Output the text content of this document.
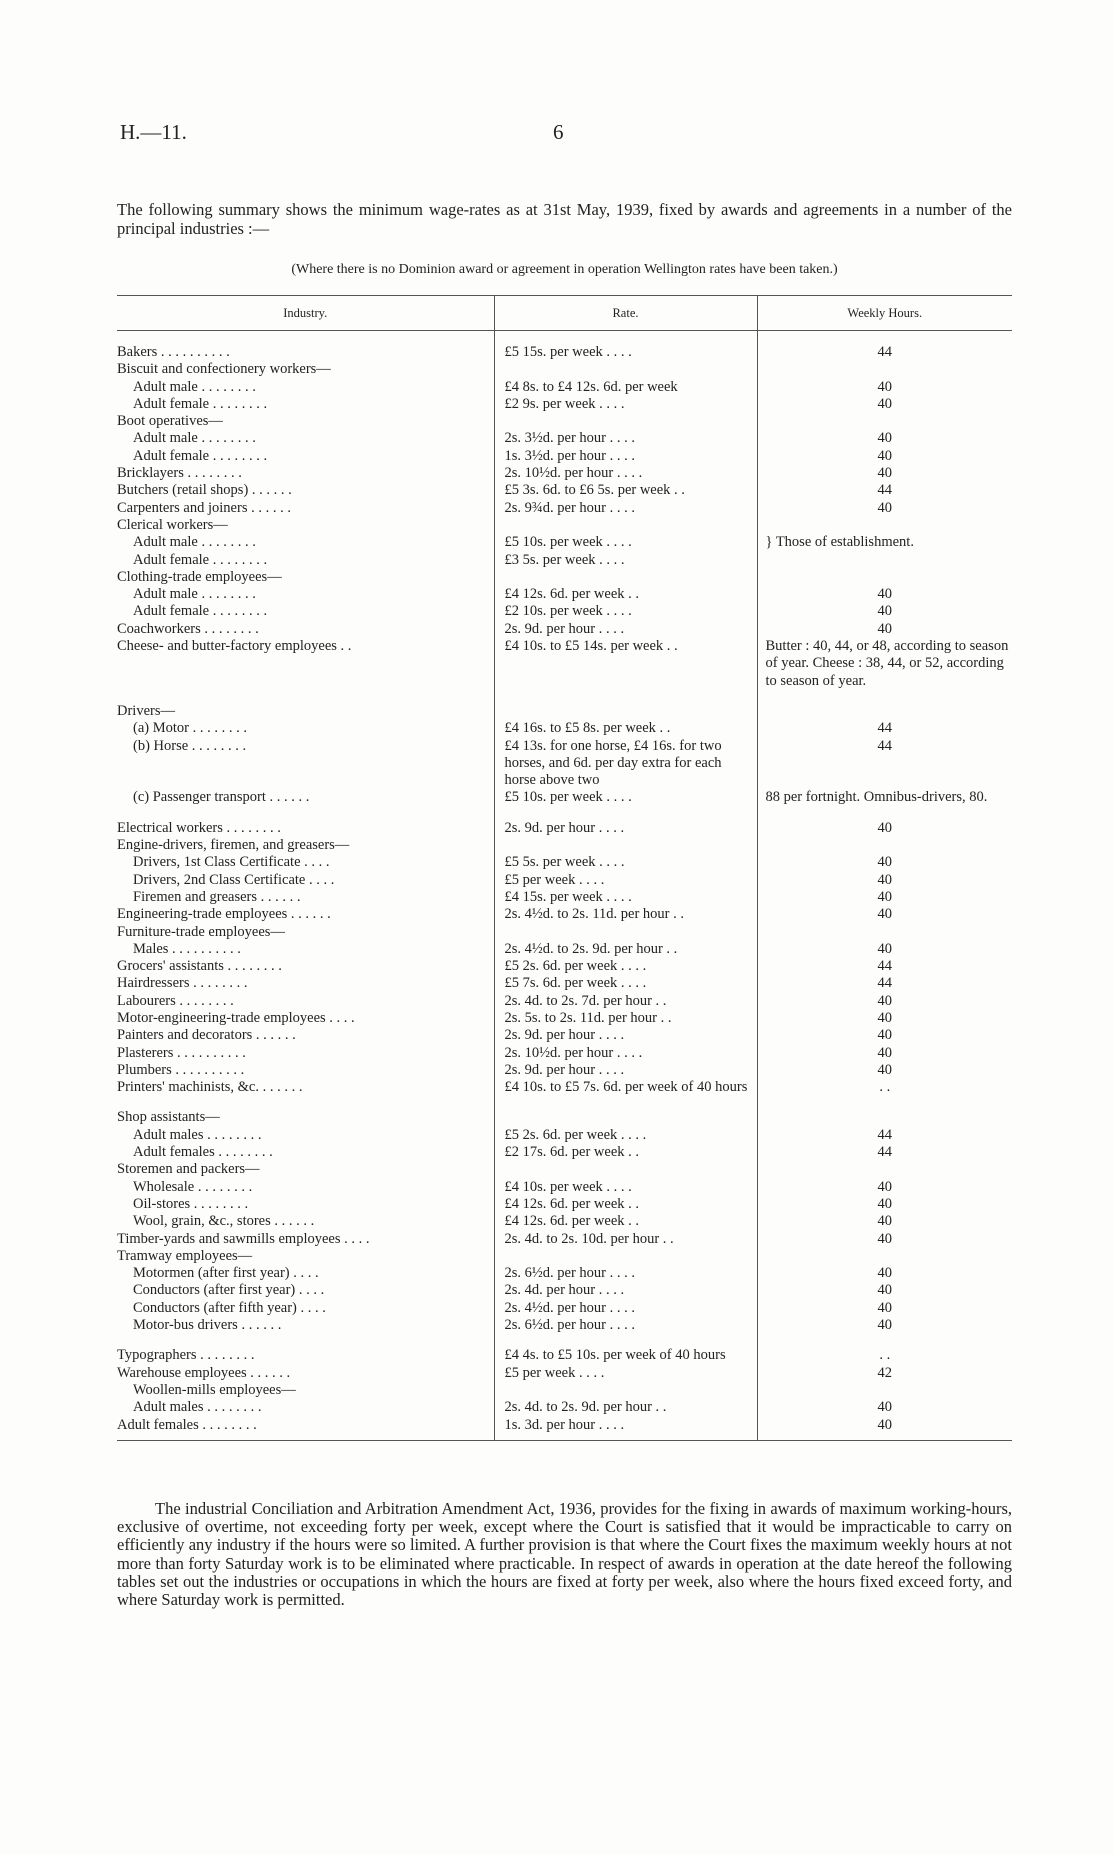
H.—11.	6

The following summary shows the minimum wage-rates as at 31st May, 1939, fixed by awards and agreements in a number of the principal industries :—

(Where there is no Dominion award or agreement in operation Wellington rates have been taken.)
Industry.	Rate.	Weekly Hours.

Bakers . . . . . . . . . .	£5 15s. per week . . . .	44
Biscuit and confectionery workers—		
Adult male . . . . . . . .	£4 8s. to £4 12s. 6d. per week	40
Adult female . . . . . . . .	£2 9s. per week . . . .	40
Boot operatives—		
Adult male . . . . . . . .	2s. 3½d. per hour . . . .	40
Adult female . . . . . . . .	1s. 3½d. per hour . . . .	40
Bricklayers . . . . . . . .	2s. 10½d. per hour . . . .	40
Butchers (retail shops) . . . . . .	£5 3s. 6d. to £6 5s. per week . .	44
Carpenters and joiners . . . . . .	2s. 9¾d. per hour . . . .	40
Clerical workers—		
Adult male . . . . . . . .	£5 10s. per week . . . .	} Those of establishment.
Adult female . . . . . . . .	£3 5s. per week . . . .	
Clothing-trade employees—		
Adult male . . . . . . . .	£4 12s. 6d. per week . .	40
Adult female . . . . . . . .	£2 10s. per week . . . .	40
Coachworkers . . . . . . . .	2s. 9d. per hour . . . .	40
Cheese- and butter-factory employees . .	£4 10s. to £5 14s. per week . .	Butter : 40, 44, or 48, according to season of year. Cheese : 38, 44, or 52, according to season of year.

Drivers—		
(a) Motor . . . . . . . .	£4 16s. to £5 8s. per week . .	44
(b) Horse . . . . . . . .	£4 13s. for one horse, £4 16s. for two horses, and 6d. per day extra for each horse above two	44
(c) Passenger transport . . . . . .	£5 10s. per week . . . .	88 per fortnight. Omnibus-drivers, 80.

Electrical workers . . . . . . . .	2s. 9d. per hour . . . .	40
Engine-drivers, firemen, and greasers—		
Drivers, 1st Class Certificate . . . .	£5 5s. per week . . . .	40
Drivers, 2nd Class Certificate . . . .	£5 per week . . . .	40
Firemen and greasers . . . . . .	£4 15s. per week . . . .	40
Engineering-trade employees . . . . . .	2s. 4½d. to 2s. 11d. per hour . .	40
Furniture-trade employees—		
Males . . . . . . . . . .	2s. 4½d. to 2s. 9d. per hour . .	40
Grocers' assistants . . . . . . . .	£5 2s. 6d. per week . . . .	44
Hairdressers . . . . . . . .	£5 7s. 6d. per week . . . .	44
Labourers . . . . . . . .	2s. 4d. to 2s. 7d. per hour . .	40
Motor-engineering-trade employees . . . .	2s. 5s. to 2s. 11d. per hour . .	40
Painters and decorators . . . . . .	2s. 9d. per hour . . . .	40
Plasterers . . . . . . . . . .	2s. 10½d. per hour . . . .	40
Plumbers . . . . . . . . . .	2s. 9d. per hour . . . .	40
Printers' machinists, &c. . . . . . .	£4 10s. to £5 7s. 6d. per week of 40 hours	. .

Shop assistants—		
Adult males . . . . . . . .	£5 2s. 6d. per week . . . .	44
Adult females . . . . . . . .	£2 17s. 6d. per week . .	44
Storemen and packers—		
Wholesale . . . . . . . .	£4 10s. per week . . . .	40
Oil-stores . . . . . . . .	£4 12s. 6d. per week . .	40
Wool, grain, &c., stores . . . . . .	£4 12s. 6d. per week . .	40
Timber-yards and sawmills employees . . . .	2s. 4d. to 2s. 10d. per hour . .	40
Tramway employees—		
Motormen (after first year) . . . .	2s. 6½d. per hour . . . .	40
Conductors (after first year) . . . .	2s. 4d. per hour . . . .	40
Conductors (after fifth year) . . . .	2s. 4½d. per hour . . . .	40
Motor-bus drivers . . . . . .	2s. 6½d. per hour . . . .	40

Typographers . . . . . . . .	£4 4s. to £5 10s. per week of 40 hours	. .
Warehouse employees . . . . . .	£5 per week . . . .	42
Woollen-mills employees—		
Adult males . . . . . . . .	2s. 4d. to 2s. 9d. per hour . .	40
Adult females . . . . . . . .	1s. 3d. per hour . . . .	40

The industrial Conciliation and Arbitration Amendment Act, 1936, provides for the fixing in awards of maximum working-hours, exclusive of overtime, not exceeding forty per week, except where the Court is satisfied that it would be impracticable to carry on efficiently any industry if the hours were so limited. A further provision is that where the Court fixes the maximum weekly hours at not more than forty Saturday work is to be eliminated where practicable. In respect of awards in operation at the date hereof the following tables set out the industries or occupations in which the hours are fixed at forty per week, also where the hours fixed exceed forty, and where Saturday work is permitted.
